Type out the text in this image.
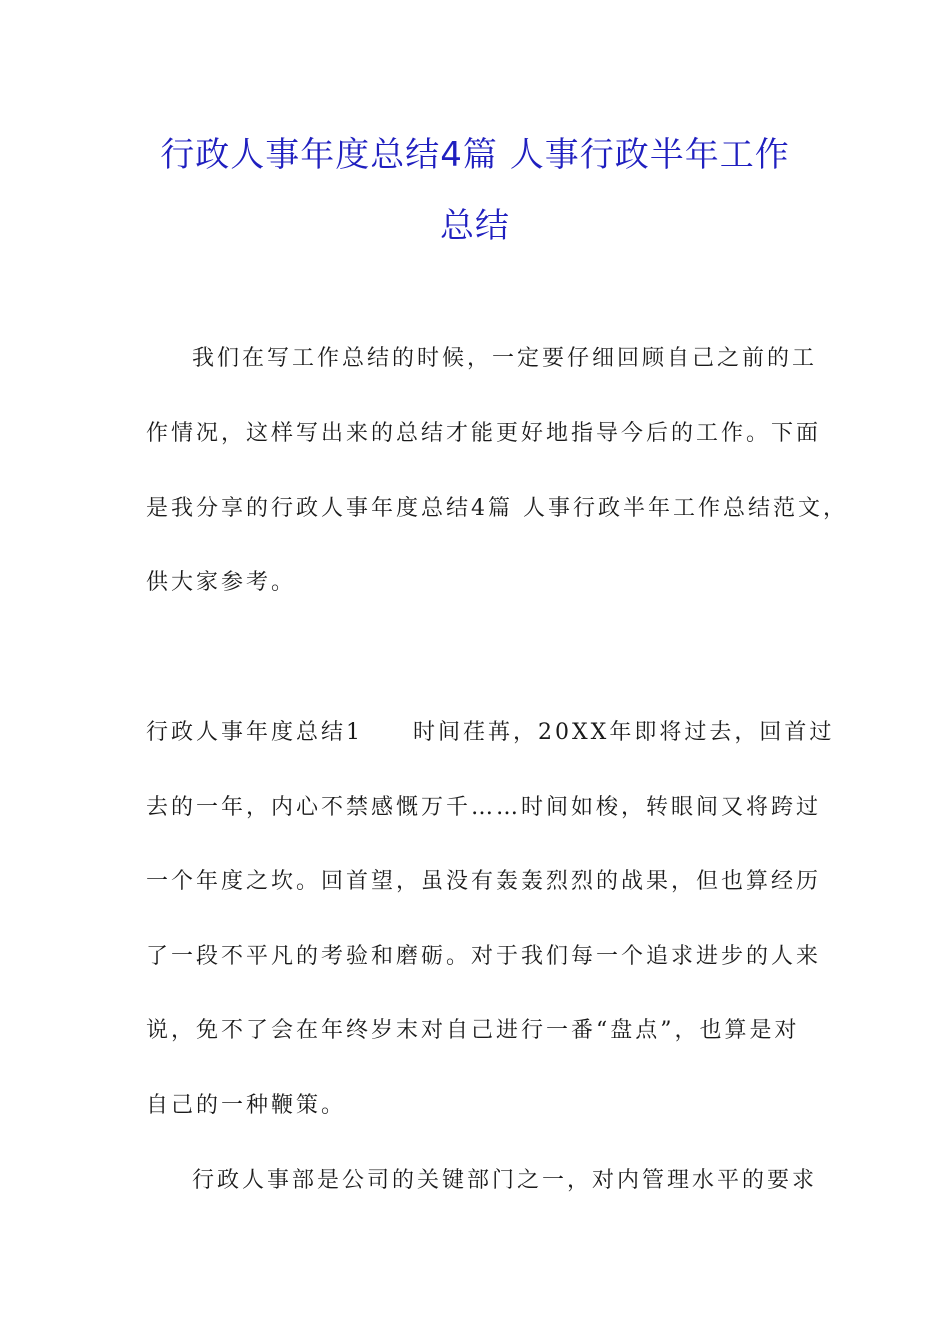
行政人事年度总结4篇 人事行政半年工作
总结

我们在写工作总结的时候，一定要仔细回顾自己之前的工

作情况，这样写出来的总结才能更好地指导今后的工作。下面

是我分享的行政人事年度总结4篇 人事行政半年工作总结范文，

供大家参考。

行政人事年度总结1　　时间荏苒，20XX年即将过去，回首过

去的一年，内心不禁感慨万千……时间如梭，转眼间又将跨过

一个年度之坎。回首望，虽没有轰轰烈烈的战果，但也算经历

了一段不平凡的考验和磨砺。对于我们每一个追求进步的人来

说，免不了会在年终岁末对自己进行一番“盘点”，也算是对

自己的一种鞭策。

行政人事部是公司的关键部门之一，对内管理水平的要求
